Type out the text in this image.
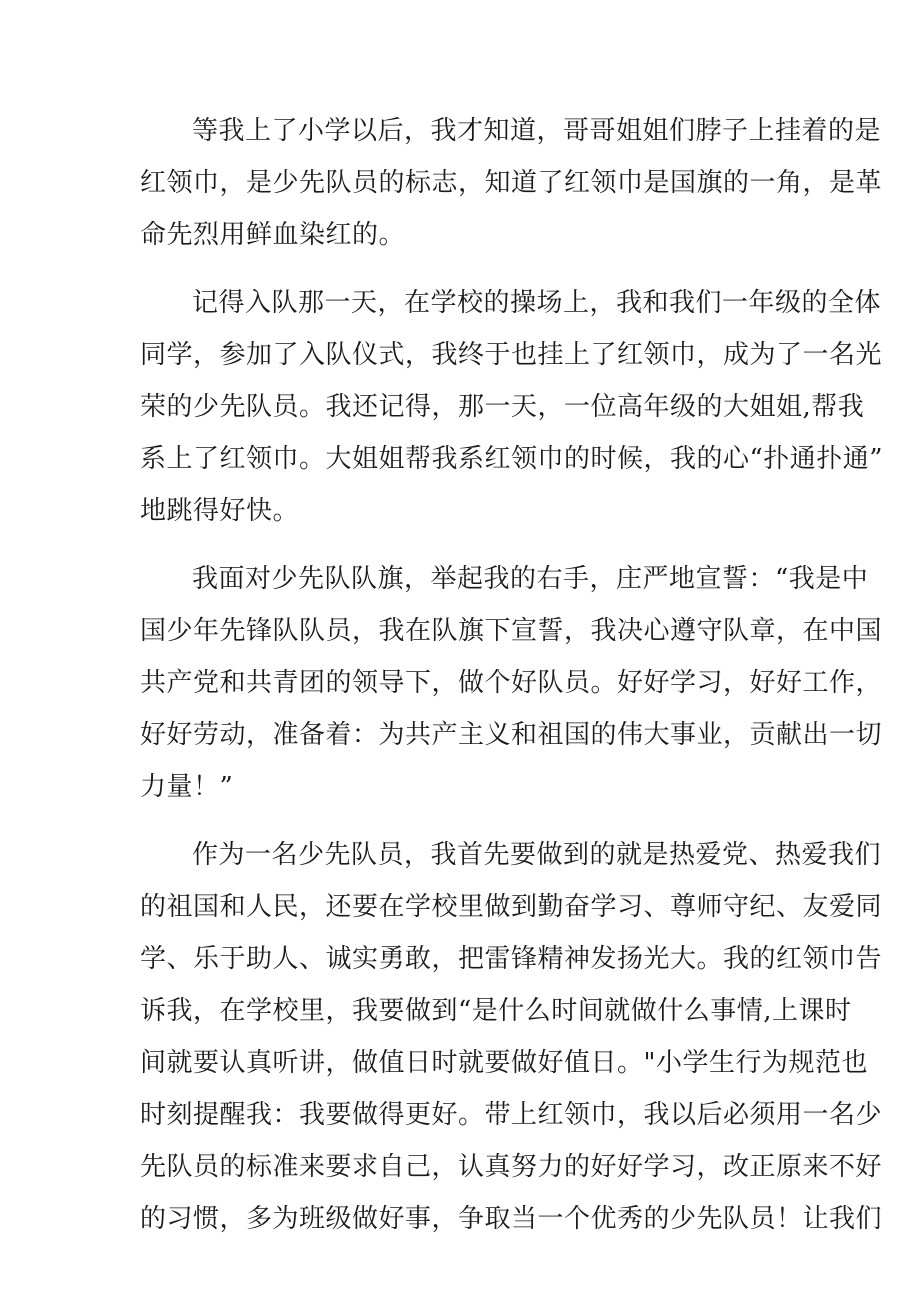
等我上了小学以后，我才知道，哥哥姐姐们脖子上挂着的是
红领巾，是少先队员的标志，知道了红领巾是国旗的一角，是革
命先烈用鲜血染红的。
记得入队那一天，在学校的操场上，我和我们一年级的全体
同学，参加了入队仪式，我终于也挂上了红领巾，成为了一名光
荣的少先队员。我还记得，那一天，一位高年级的大姐姐,帮我
系上了红领巾。大姐姐帮我系红领巾的时候，我的心“扑通扑通”
地跳得好快。
我面对少先队队旗，举起我的右手，庄严地宣誓：“我是中
国少年先锋队队员，我在队旗下宣誓，我决心遵守队章，在中国
共产党和共青团的领导下，做个好队员。好好学习，好好工作，
好好劳动，准备着：为共产主义和祖国的伟大事业，贡献出一切
力量！”
作为一名少先队员，我首先要做到的就是热爱党、热爱我们
的祖国和人民，还要在学校里做到勤奋学习、尊师守纪、友爱同
学、乐于助人、诚实勇敢，把雷锋精神发扬光大。我的红领巾告
诉我，在学校里，我要做到“是什么时间就做什么事情,上课时
间就要认真听讲，做值日时就要做好值日。"小学生行为规范也
时刻提醒我：我要做得更好。带上红领巾，我以后必须用一名少
先队员的标准来要求自己，认真努力的好好学习，改正原来不好
的习惯，多为班级做好事，争取当一个优秀的少先队员！让我们
